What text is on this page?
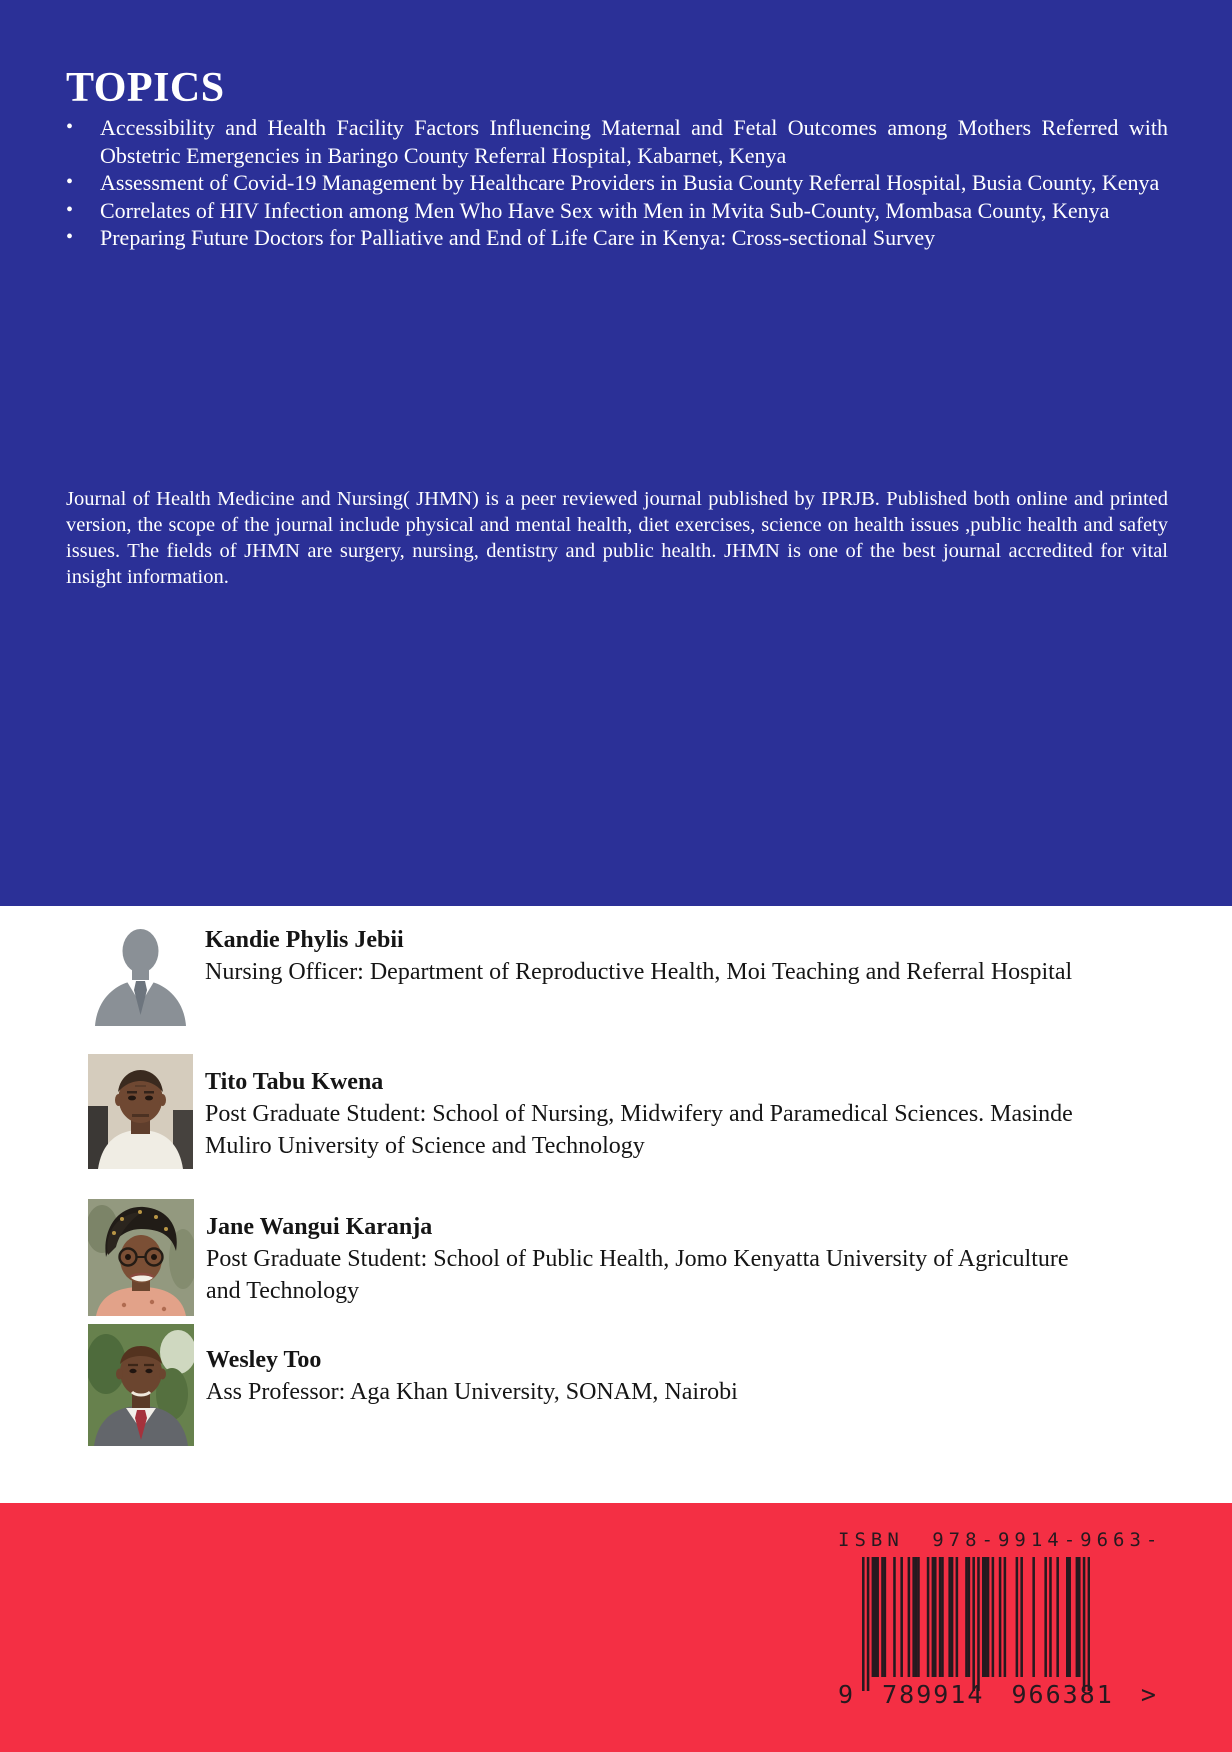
TOPICS
•	Accessibility and Health Facility Factors Influencing Maternal and Fetal Outcomes among Mothers Referred with Obstetric Emergencies in Baringo County Referral Hospital, Kabarnet, Kenya
•	Assessment of Covid-19 Management by Healthcare Providers in Busia County Referral Hospital, Busia County, Kenya
•	Correlates of HIV Infection among Men Who Have Sex with Men in Mvita Sub-County, Mombasa County, Kenya
•	Preparing Future Doctors for Palliative and End of Life Care in Kenya: Cross-sectional Survey

Journal of Health Medicine and Nursing( JHMN) is a peer reviewed journal published by IPRJB. Published both online and printed version, the scope of the journal include physical and mental health, diet exercises, science on health issues ,public health and safety issues. The fields of JHMN are surgery, nursing, dentistry and public health. JHMN is one of the best journal accredited for vital insight information.

Kandie Phylis Jebii
Nursing Officer: Department of Reproductive Health, Moi Teaching and Referral Hospital
Tito Tabu Kwena
Post Graduate Student: School of Nursing, Midwifery and Paramedical Sciences. Masinde Muliro University of Science and Technology
Jane Wangui Karanja
Post Graduate Student: School of Public Health, Jomo Kenyatta University of Agriculture and Technology
Wesley Too
Ass Professor: Aga Khan University, SONAM, Nairobi
ISBN 978-9914-9663-
9 789914 966381 >
